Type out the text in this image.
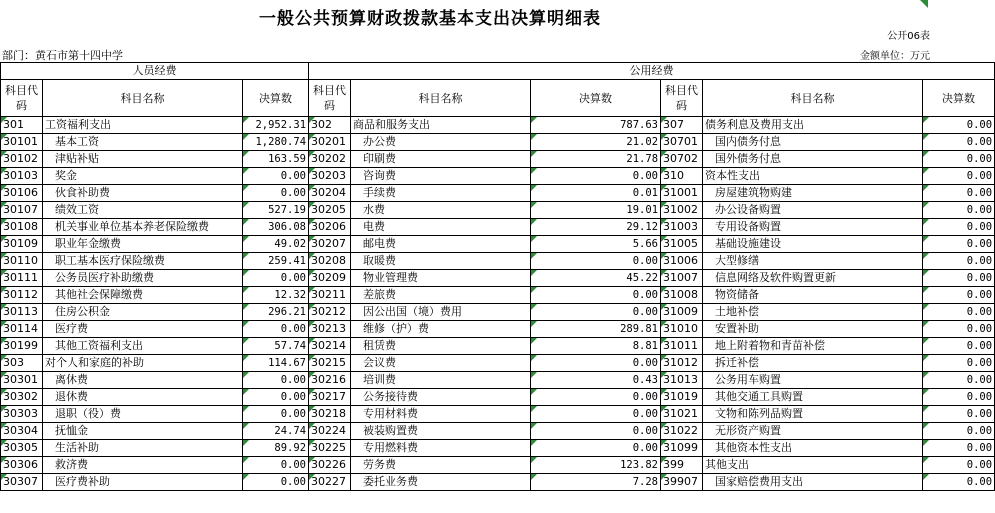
一般公共预算财政拨款基本支出决算明细表
公开06表
部门：黄石市第十四中学	金额单位：万元
人员经费			公用经费					
科目代码	科目名称	决算数	科目代码	科目名称	决算数	科目代码	科目名称	决算数
301	工资福利支出	2,952.31	302	商品和服务支出	787.63	307	债务利息及费用支出	0.00
30101	基本工资	1,280.74	30201	办公费	21.02	30701	国内债务付息	0.00
30102	津贴补贴	163.59	30202	印刷费	21.78	30702	国外债务付息	0.00
30103	奖金	0.00	30203	咨询费	0.00	310	资本性支出	0.00
30106	伙食补助费	0.00	30204	手续费	0.01	31001	房屋建筑物购建	0.00
30107	绩效工资	527.19	30205	水费	19.01	31002	办公设备购置	0.00
30108	机关事业单位基本养老保险缴费	306.08	30206	电费	29.12	31003	专用设备购置	0.00
30109	职业年金缴费	49.02	30207	邮电费	5.66	31005	基础设施建设	0.00
30110	职工基本医疗保险缴费	259.41	30208	取暖费	0.00	31006	大型修缮	0.00
30111	公务员医疗补助缴费	0.00	30209	物业管理费	45.22	31007	信息网络及软件购置更新	0.00
30112	其他社会保障缴费	12.32	30211	差旅费	0.00	31008	物资储备	0.00
30113	住房公积金	296.21	30212	因公出国（境）费用	0.00	31009	土地补偿	0.00
30114	医疗费	0.00	30213	维修（护）费	289.81	31010	安置补助	0.00
30199	其他工资福利支出	57.74	30214	租赁费	8.81	31011	地上附着物和青苗补偿	0.00
303	对个人和家庭的补助	114.67	30215	会议费	0.00	31012	拆迁补偿	0.00
30301	离休费	0.00	30216	培训费	0.43	31013	公务用车购置	0.00
30302	退休费	0.00	30217	公务接待费	0.00	31019	其他交通工具购置	0.00
30303	退职（役）费	0.00	30218	专用材料费	0.00	31021	文物和陈列品购置	0.00
30304	抚恤金	24.74	30224	被装购置费	0.00	31022	无形资产购置	0.00
30305	生活补助	89.92	30225	专用燃料费	0.00	31099	其他资本性支出	0.00
30306	救济费	0.00	30226	劳务费	123.82	399	其他支出	0.00
30307	医疗费补助	0.00	30227	委托业务费	7.28	39907	国家赔偿费用支出	0.00
